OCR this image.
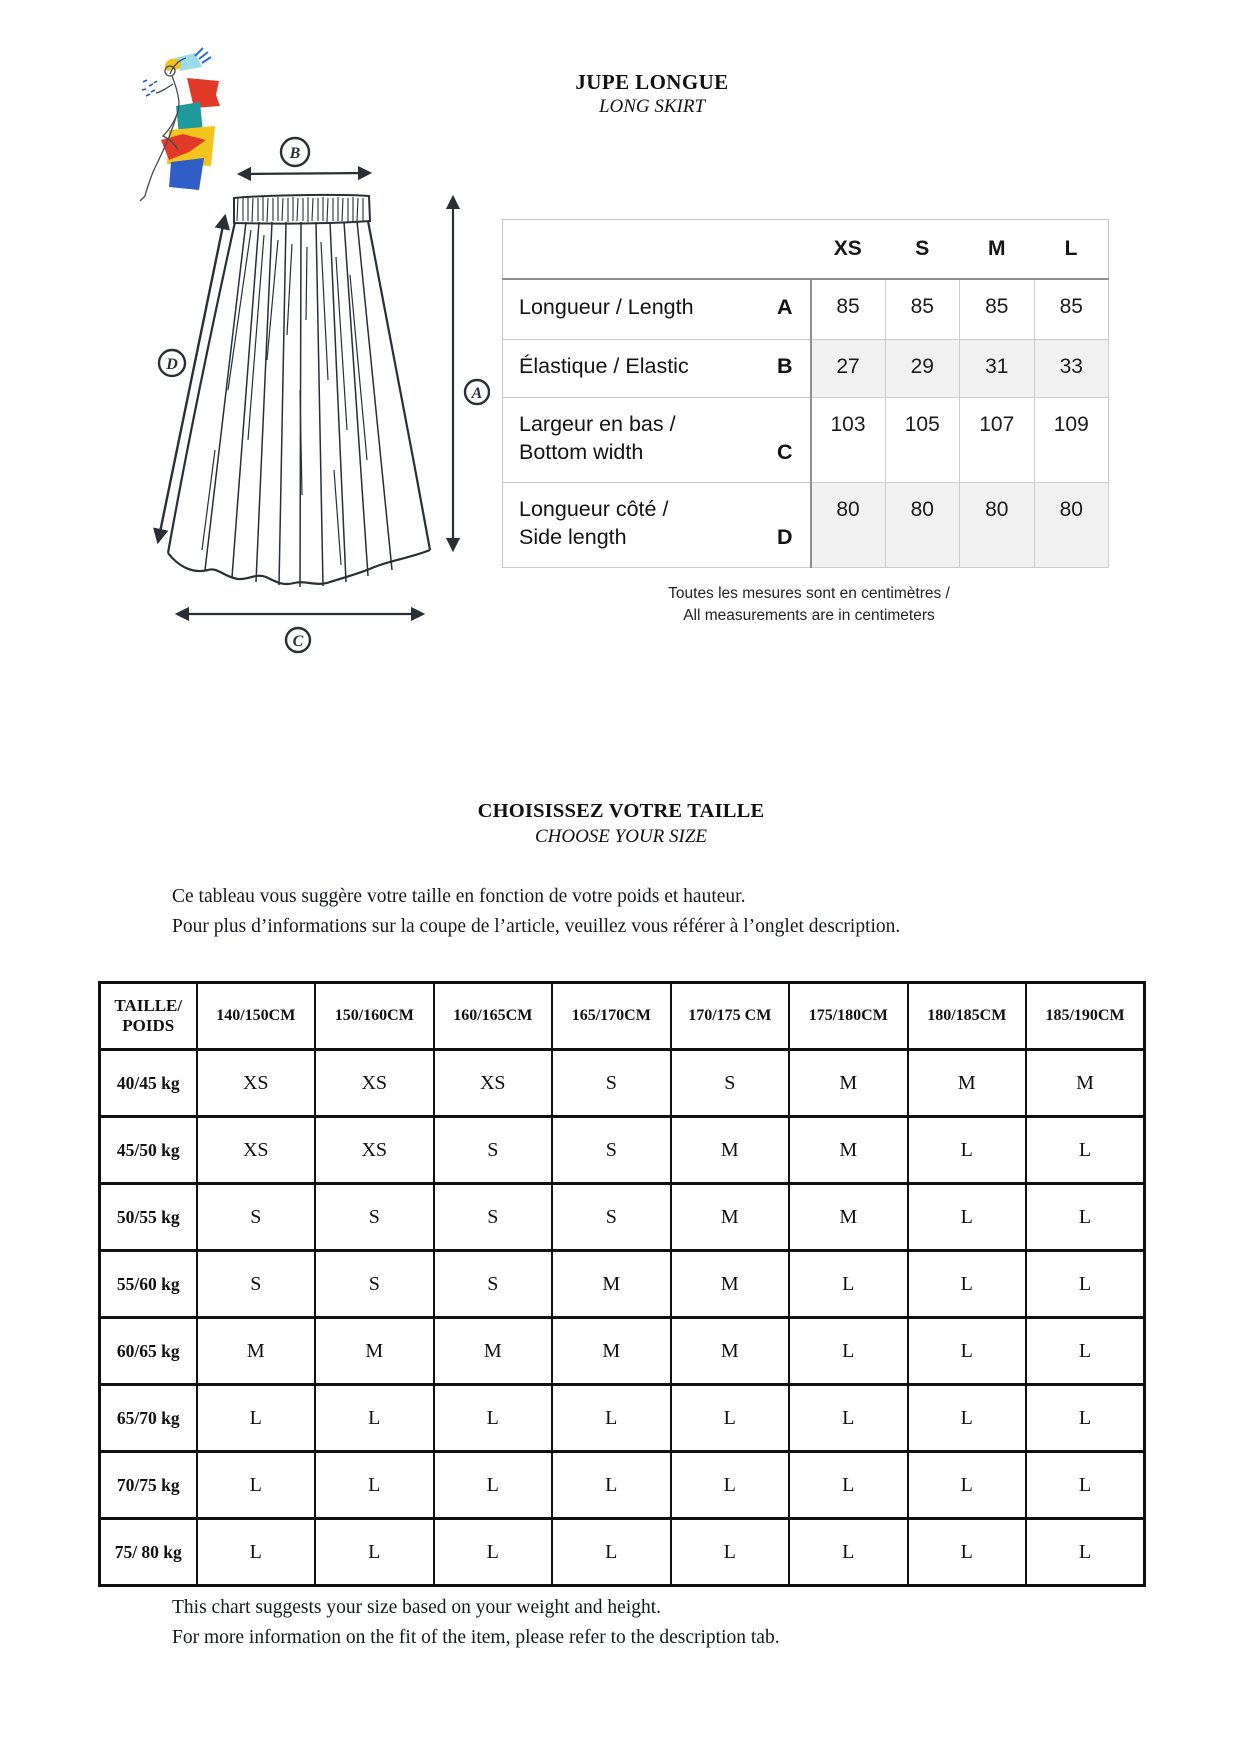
JUPE LONGUE
LONG SKIRT
B
A
D
C
	XS	S	M	L

Longueur / Length A	85	85	85	85

Élastique / Elastic B	27	29	31	33

Largeur en bas /
Bottom width C	103	105	107	109

Longueur côté /
Side length D	80	80	80	80
Toutes les mesures sont en centimètres /
All measurements are in centimeters
CHOISISSEZ VOTRE TAILLE
CHOOSE YOUR SIZE
Ce tableau vous suggère votre taille en fonction de votre poids et hauteur.
Pour plus d’informations sur la coupe de l’article, veuillez vous référer à l’onglet description.
TAILLE/
POIDS	140/150CM	150/160CM	160/165CM	165/170CM	170/175 CM	175/180CM	180/185CM	185/190CM
40/45 kg	XS	XS	XS	S	S	M	M	M
45/50 kg	XS	XS	S	S	M	M	L	L
50/55 kg	S	S	S	S	M	M	L	L
55/60 kg	S	S	S	M	M	L	L	L
60/65 kg	M	M	M	M	M	L	L	L
65/70 kg	L	L	L	L	L	L	L	L
70/75 kg	L	L	L	L	L	L	L	L
75/ 80 kg	L	L	L	L	L	L	L	L
This chart suggests your size based on your weight and height.
For more information on the fit of the item, please refer to the description tab.
